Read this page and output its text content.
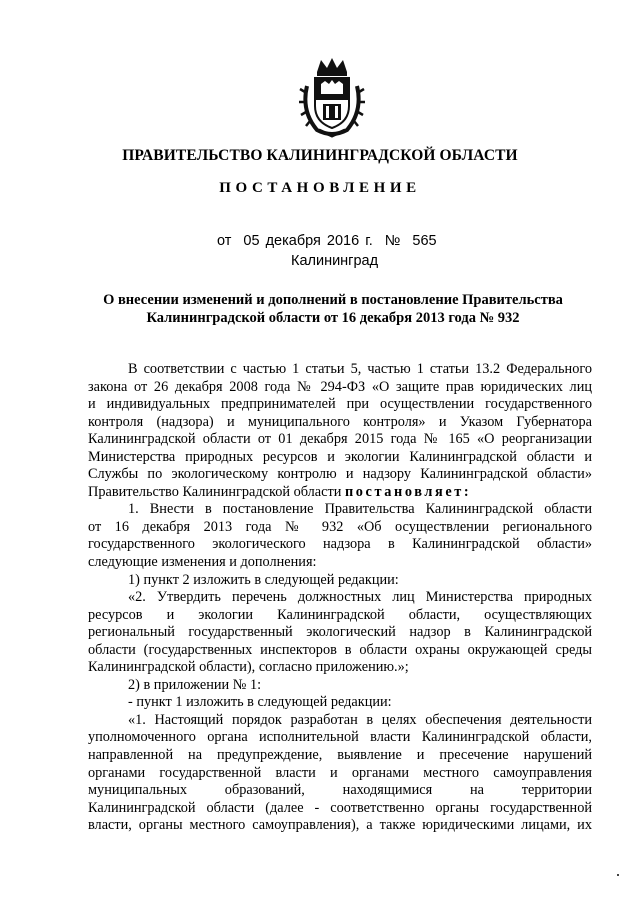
ПРАВИТЕЛЬСТВО КАЛИНИНГРАДСКОЙ ОБЛАСТИ
ПОСТАНОВЛЕНИЕ
от 05 декабря 2016 г. № 565
Калининград
О внесении изменений и дополнений в постановление Правительства
Калининградской области от 16 декабря 2013 года № 932
В соответствии с частью 1 статьи 5, частью 1 статьи 13.2 Федерального
закона от 26 декабря 2008 года № 294-ФЗ «О защите прав юридических лиц
и индивидуальных предпринимателей при осуществлении государственного
контроля (надзора) и муниципального контроля» и Указом Губернатора
Калининградской области от 01 декабря 2015 года № 165 «О реорганизации
Министерства природных ресурсов и экологии Калининградской области и
Службы по экологическому контролю и надзору Калининградской области»
Правительство Калининградской области постановляет:
1. Внести в постановление Правительства Калининградской области
от 16 декабря 2013 года № 932 «Об осуществлении регионального
государственного экологического надзора в Калининградской области»
следующие изменения и дополнения:
1) пункт 2 изложить в следующей редакции:
«2. Утвердить перечень должностных лиц Министерства природных
ресурсов и экологии Калининградской области, осуществляющих
региональный государственный экологический надзор в Калининградской
области (государственных инспекторов в области охраны окружающей среды
Калининградской области), согласно приложению.»;
2) в приложении № 1:
- пункт 1 изложить в следующей редакции:
«1. Настоящий порядок разработан в целях обеспечения деятельности
уполномоченного органа исполнительной власти Калининградской области,
направленной на предупреждение, выявление и пресечение нарушений
органами государственной власти и органами местного самоуправления
муниципальных образований, находящимися на территории
Калининградской области (далее - соответственно органы государственной
власти, органы местного самоуправления), а также юридическими лицами, их
